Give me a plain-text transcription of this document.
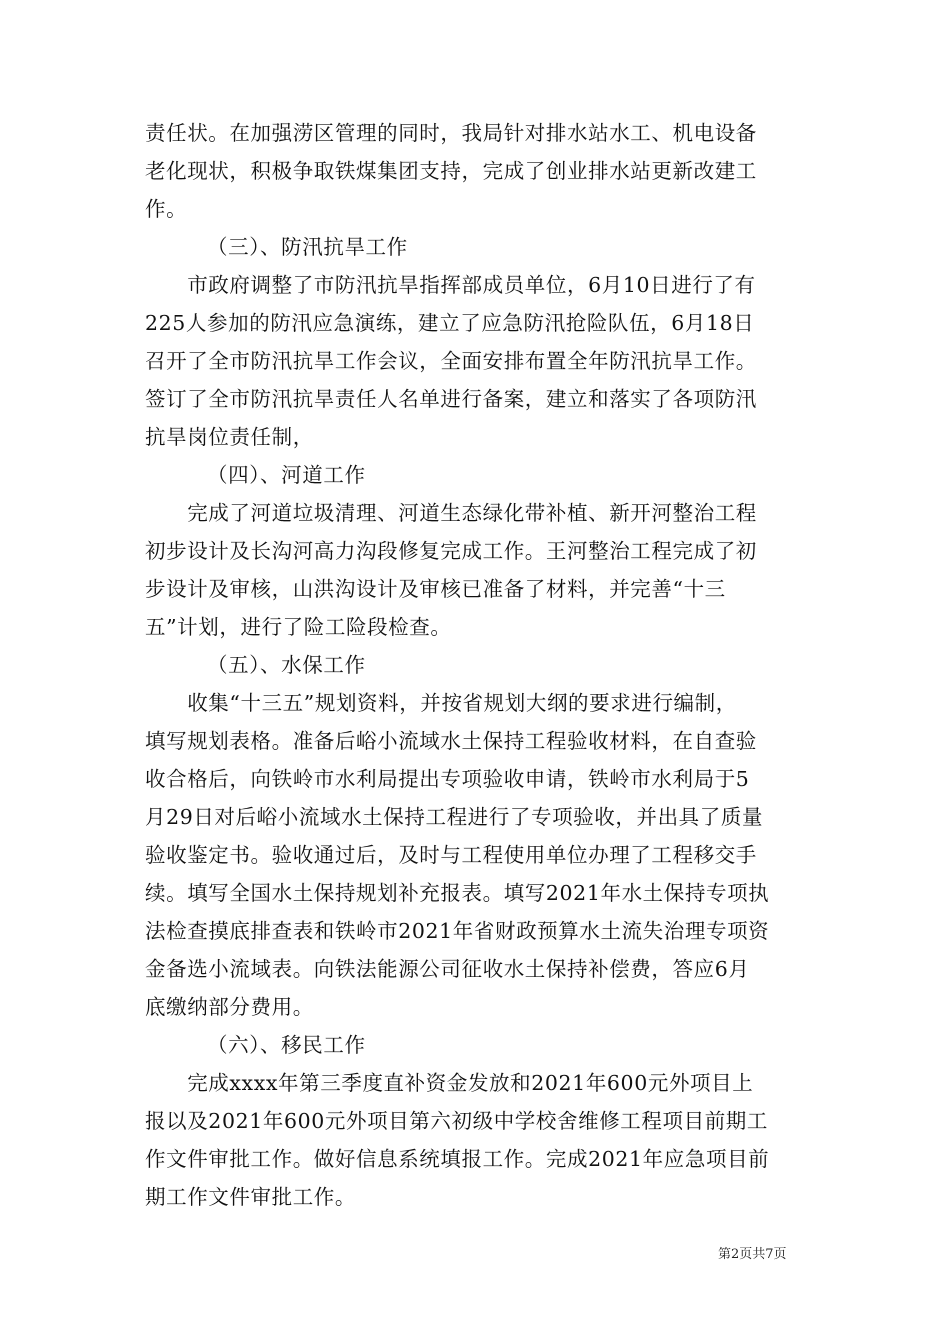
责任状。在加强涝区管理的同时，我局针对排水站水工、机电设备
老化现状，积极争取铁煤集团支持，完成了创业排水站更新改建工
作。
（三）、防汛抗旱工作
　　市政府调整了市防汛抗旱指挥部成员单位，6月10日进行了有
225人参加的防汛应急演练，建立了应急防汛抢险队伍，6月18日
召开了全市防汛抗旱工作会议，全面安排布置全年防汛抗旱工作。
签订了全市防汛抗旱责任人名单进行备案，建立和落实了各项防汛
抗旱岗位责任制，
（四）、河道工作
　　完成了河道垃圾清理、河道生态绿化带补植、新开河整治工程
初步设计及长沟河高力沟段修复完成工作。王河整治工程完成了初
步设计及审核，山洪沟设计及审核已准备了材料，并完善“十三
五”计划，进行了险工险段检查。
（五）、水保工作
　　收集“十三五”规划资料，并按省规划大纲的要求进行编制，
填写规划表格。准备后峪小流域水土保持工程验收材料，在自查验
收合格后，向铁岭市水利局提出专项验收申请，铁岭市水利局于5
月29日对后峪小流域水土保持工程进行了专项验收，并出具了质量
验收鉴定书。验收通过后，及时与工程使用单位办理了工程移交手
续。填写全国水土保持规划补充报表。填写2021年水土保持专项执
法检查摸底排查表和铁岭市2021年省财政预算水土流失治理专项资
金备选小流域表。向铁法能源公司征收水土保持补偿费，答应6月
底缴纳部分费用。
（六）、移民工作
　　完成xxxx年第三季度直补资金发放和2021年600元外项目上
报以及2021年600元外项目第六初级中学校舍维修工程项目前期工
作文件审批工作。做好信息系统填报工作。完成2021年应急项目前
期工作文件审批工作。
第2页共7页
